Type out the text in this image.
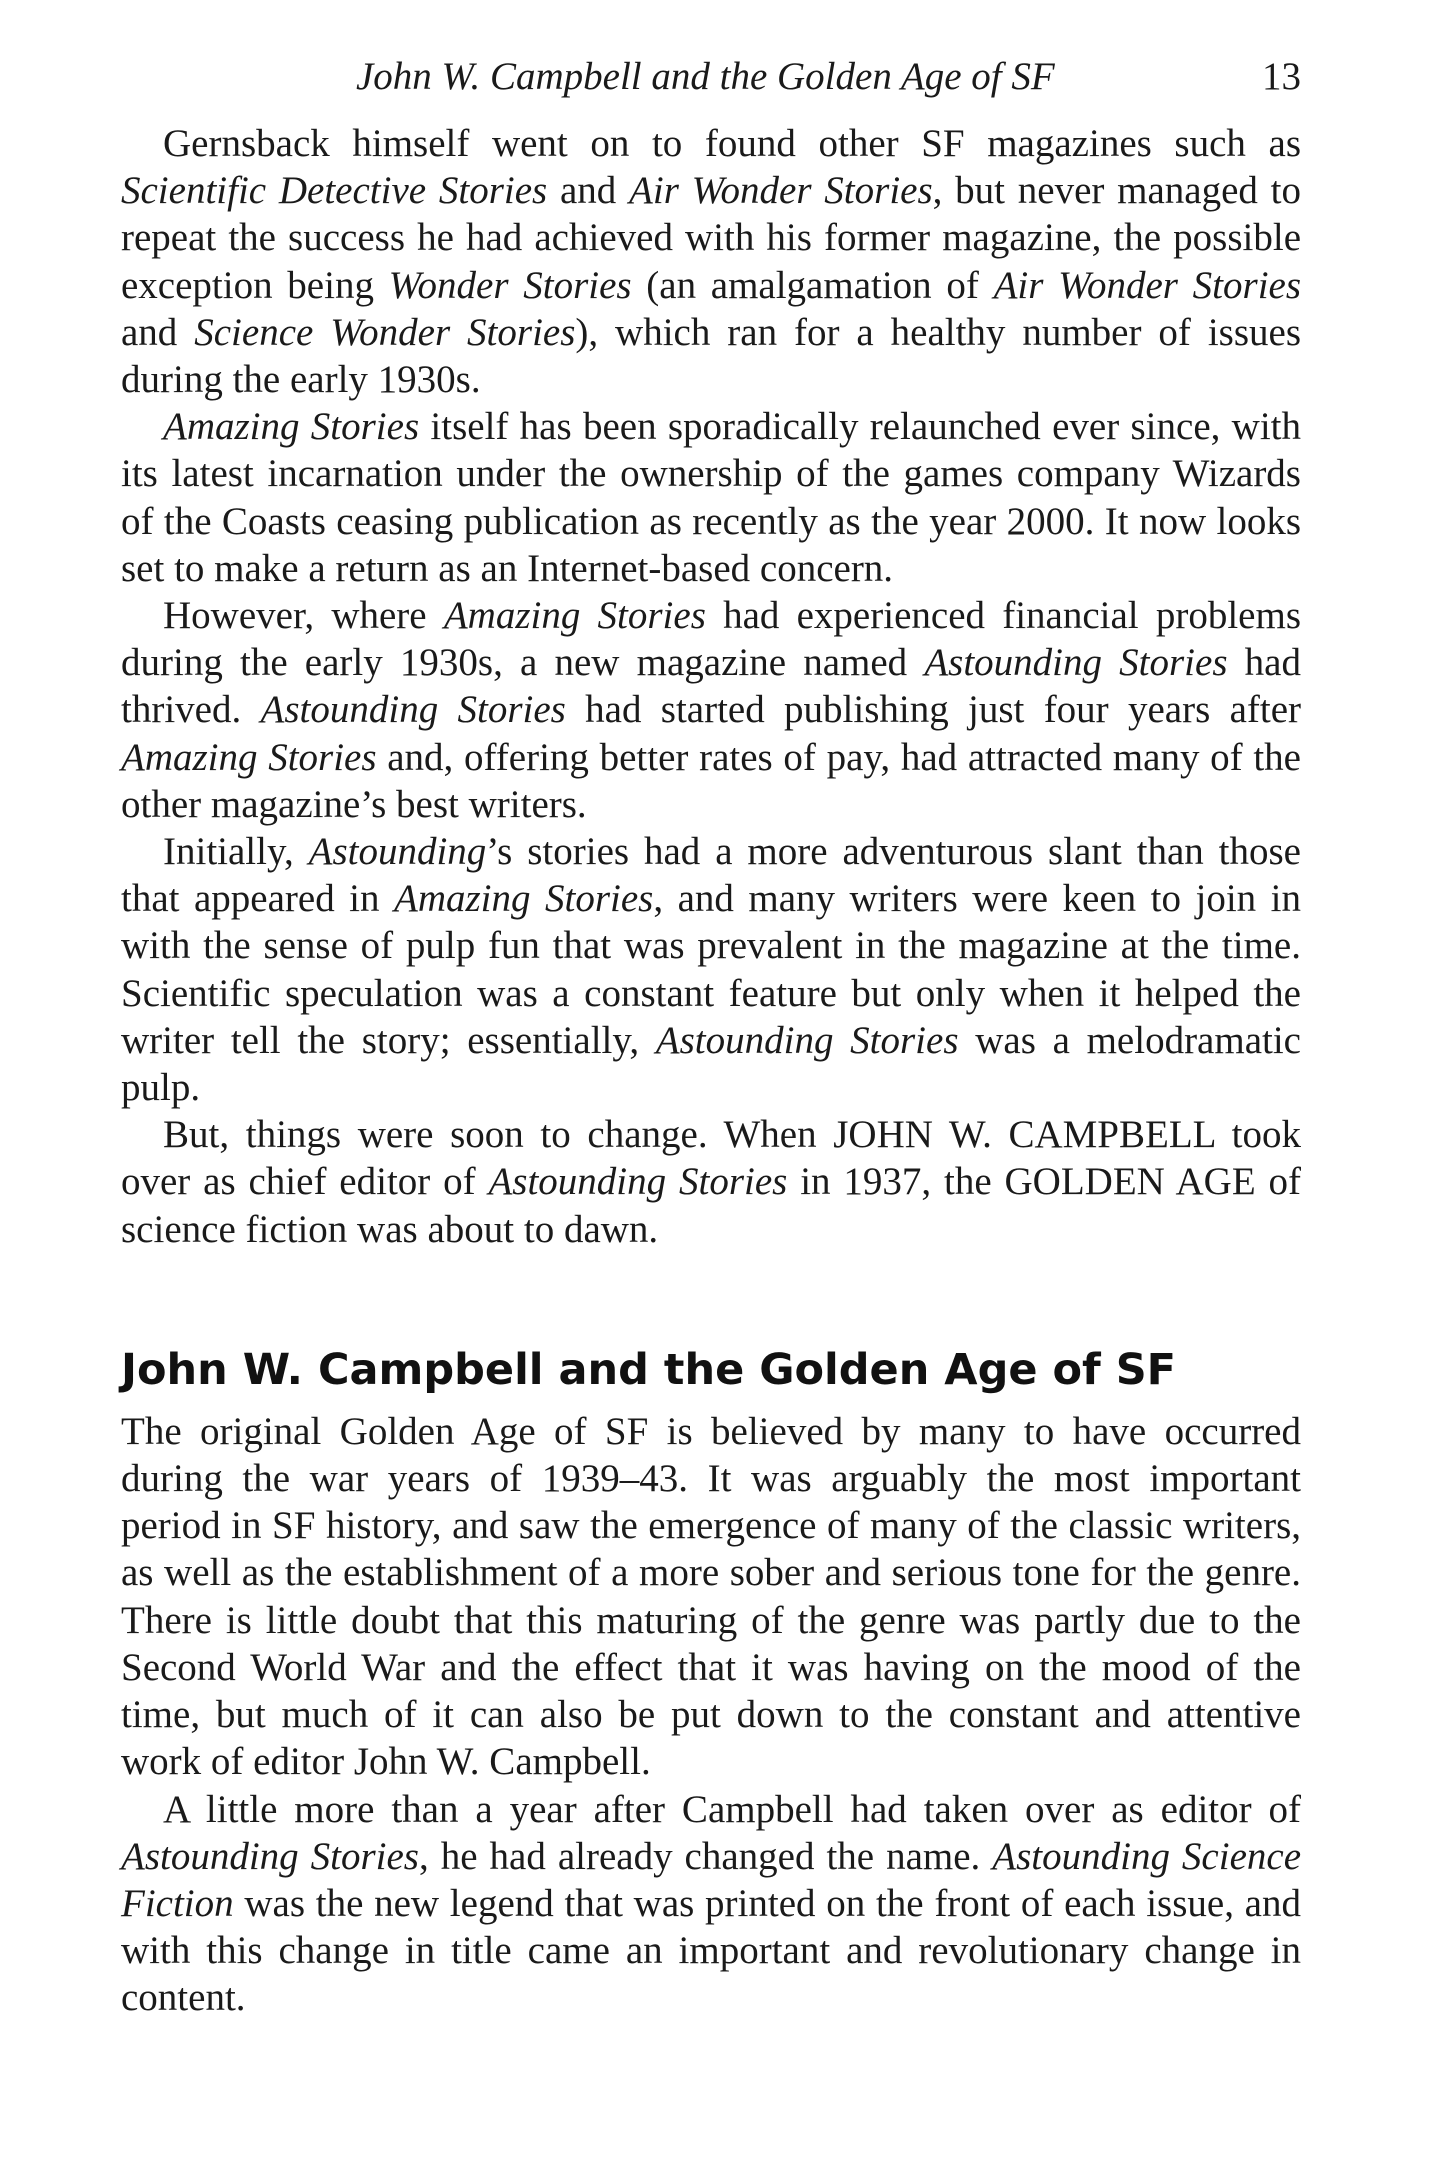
John W. Campbell and the Golden Age of SF	13

Gernsback himself went on to found other SF magazines such as Scientific Detective Stories and Air Wonder Stories, but never managed to repeat the success he had achieved with his former magazine, the possible exception being Wonder Stories (an amalgamation of Air Wonder Stories and Science Wonder Stories), which ran for a healthy number of issues during the early 1930s.

Amazing Stories itself has been sporadically relaunched ever since, with its latest incarnation under the ownership of the games company Wizards of the Coasts ceasing publication as recently as the year 2000. It now looks set to make a return as an Internet-based concern.

However, where Amazing Stories had experienced financial problems during the early 1930s, a new magazine named Astounding Stories had thrived. Astounding Stories had started publishing just four years after Amazing Stories and, offering better rates of pay, had attracted many of the other magazine’s best writers.

Initially, Astounding’s stories had a more adventurous slant than those that appeared in Amazing Stories, and many writers were keen to join in with the sense of pulp fun that was prevalent in the magazine at the time. Scientific speculation was a constant feature but only when it helped the writer tell the story; essentially, Astounding Stories was a melodramatic pulp.

But, things were soon to change. When JOHN W. CAMPBELL took over as chief editor of Astounding Stories in 1937, the GOLDEN AGE of science fiction was about to dawn.

John W. Campbell and the Golden Age of SF

The original Golden Age of SF is believed by many to have occurred during the war years of 1939–43. It was arguably the most important period in SF history, and saw the emergence of many of the classic writers, as well as the establishment of a more sober and serious tone for the genre. There is little doubt that this maturing of the genre was partly due to the Second World War and the effect that it was having on the mood of the time, but much of it can also be put down to the constant and attentive work of editor John W. Campbell.

A little more than a year after Campbell had taken over as editor of Astounding Stories, he had already changed the name. Astounding Science Fiction was the new legend that was printed on the front of each issue, and with this change in title came an important and revolutionary change in content.
